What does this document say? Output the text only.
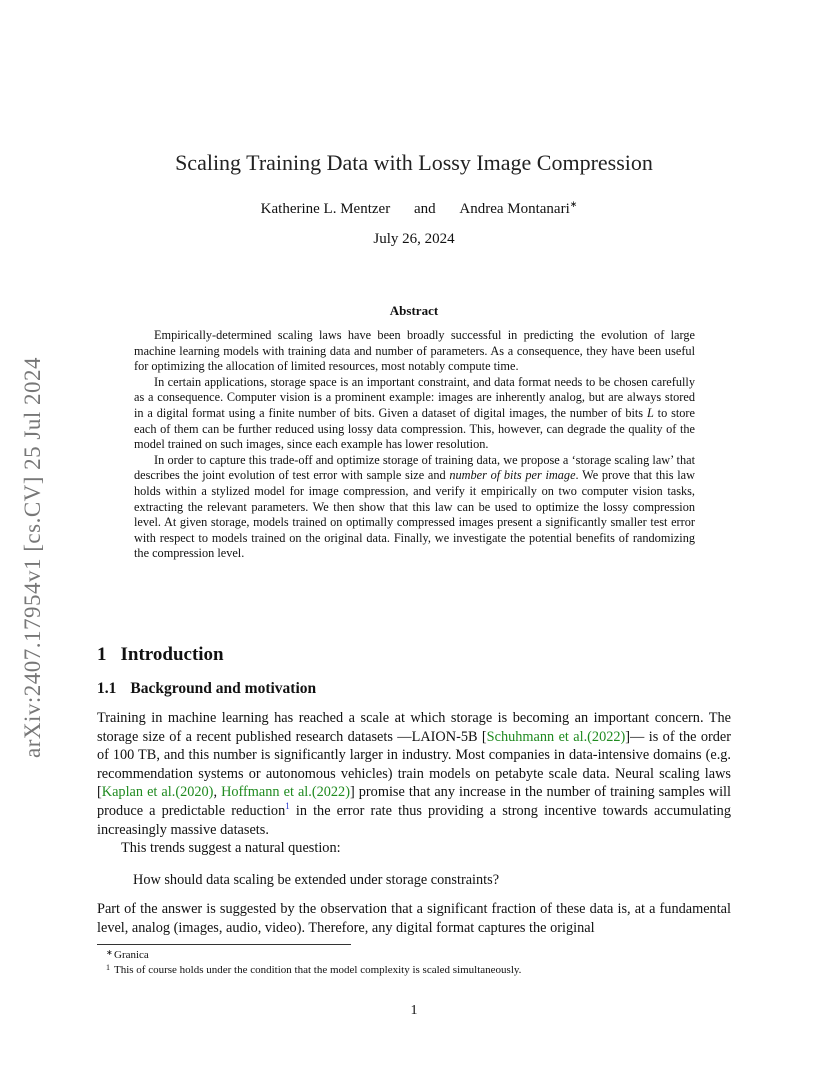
arXiv:2407.17954v1 [cs.CV] 25 Jul 2024
Scaling Training Data with Lossy Image Compression
Katherine L. Mentzer and Andrea Montanari∗
July 26, 2024
Abstract

Empirically-determined scaling laws have been broadly successful in predicting the evolution of large machine learning models with training data and number of parameters. As a consequence, they have been useful for optimizing the allocation of limited resources, most notably compute time.

In certain applications, storage space is an important constraint, and data format needs to be chosen carefully as a consequence. Computer vision is a prominent example: images are inherently analog, but are always stored in a digital format using a finite number of bits. Given a dataset of digital images, the number of bits L to store each of them can be further reduced using lossy data compression. This, however, can degrade the quality of the model trained on such images, since each example has lower resolution.

In order to capture this trade-off and optimize storage of training data, we propose a ‘storage scaling law’ that describes the joint evolution of test error with sample size and number of bits per image. We prove that this law holds within a stylized model for image compression, and verify it empirically on two computer vision tasks, extracting the relevant parameters. We then show that this law can be used to optimize the lossy compression level. At given storage, models trained on optimally compressed images present a significantly smaller test error with respect to models trained on the original data. Finally, we investigate the potential benefits of randomizing the compression level.

1 Introduction
1.1 Background and motivation

Training in machine learning has reached a scale at which storage is becoming an important concern. The storage size of a recent published research datasets —LAION-5B [Schuhmann et al.(2022)]— is of the order of 100 TB, and this number is significantly larger in industry. Most companies in data-intensive domains (e.g. recommendation systems or autonomous vehicles) train models on petabyte scale data. Neural scaling laws [Kaplan et al.(2020), Hoffmann et al.(2022)] promise that any increase in the number of training samples will produce a predictable reduction$^1$ in the error rate thus providing a strong incentive towards accumulating increasingly massive datasets.

This trends suggest a natural question:

How should data scaling be extended under storage constraints?

Part of the answer is suggested by the observation that a significant fraction of these data is, at a fundamental level, analog (images, audio, video). Therefore, any digital format captures the original

∗ Granica
1 This of course holds under the condition that the model complexity is scaled simultaneously.
1
